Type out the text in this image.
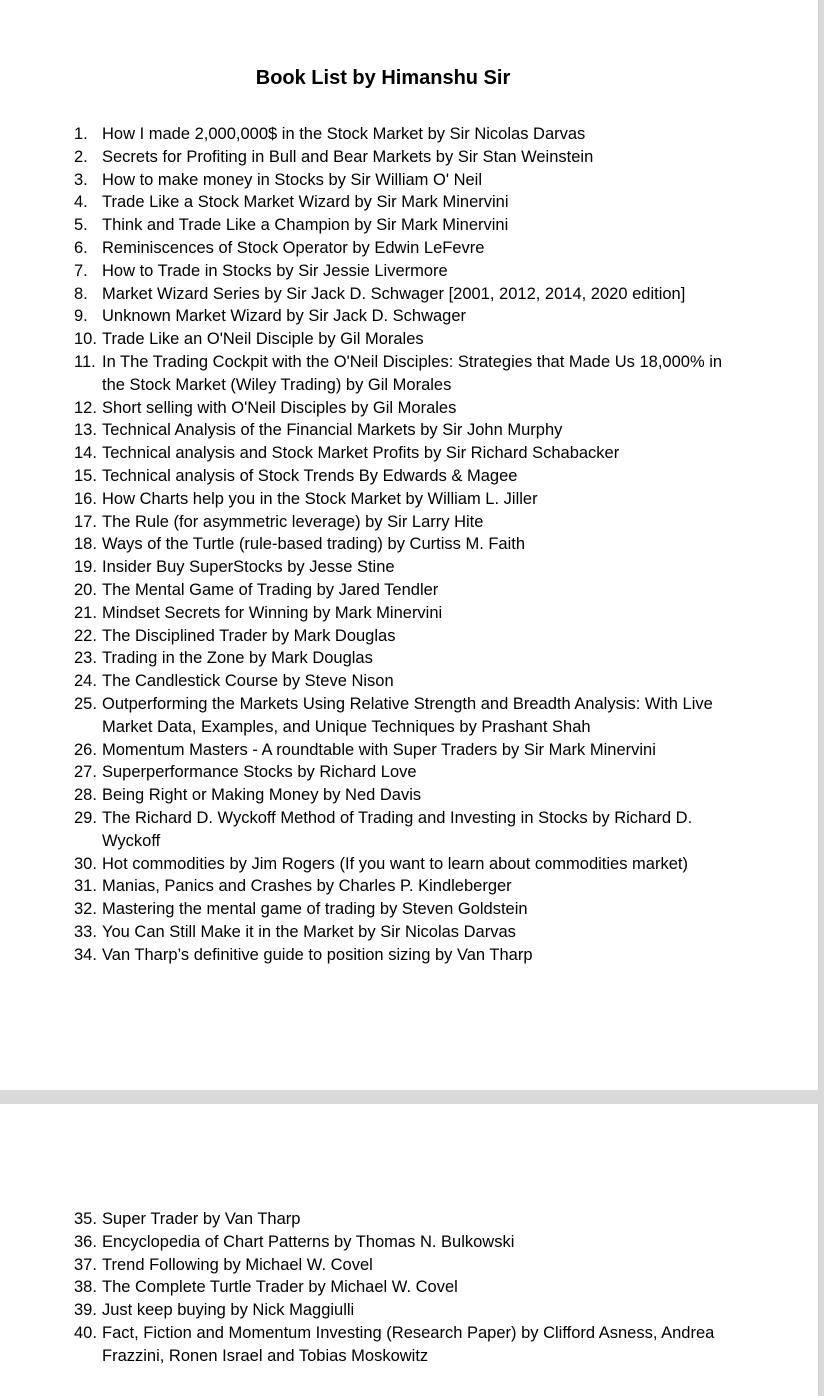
Book List by Himanshu Sir
1. How I made 2,000,000$ in the Stock Market by Sir Nicolas Darvas
2. Secrets for Profiting in Bull and Bear Markets by Sir Stan Weinstein
3. How to make money in Stocks by Sir William O' Neil
4. Trade Like a Stock Market Wizard by Sir Mark Minervini
5. Think and Trade Like a Champion by Sir Mark Minervini
6. Reminiscences of Stock Operator by Edwin LeFevre
7. How to Trade in Stocks by Sir Jessie Livermore
8. Market Wizard Series by Sir Jack D. Schwager [2001, 2012, 2014, 2020 edition]
9. Unknown Market Wizard by Sir Jack D. Schwager
10. Trade Like an O'Neil Disciple by Gil Morales
11. In The Trading Cockpit with the O'Neil Disciples: Strategies that Made Us 18,000% in the Stock Market (Wiley Trading) by Gil Morales
12. Short selling with O'Neil Disciples by Gil Morales
13. Technical Analysis of the Financial Markets by Sir John Murphy
14. Technical analysis and Stock Market Profits by Sir Richard Schabacker
15. Technical analysis of Stock Trends By Edwards & Magee
16. How Charts help you in the Stock Market by William L. Jiller
17. The Rule (for asymmetric leverage) by Sir Larry Hite
18. Ways of the Turtle (rule-based trading) by Curtiss M. Faith
19. Insider Buy SuperStocks by Jesse Stine
20. The Mental Game of Trading by Jared Tendler
21. Mindset Secrets for Winning by Mark Minervini
22. The Disciplined Trader by Mark Douglas
23. Trading in the Zone by Mark Douglas
24. The Candlestick Course by Steve Nison
25. Outperforming the Markets Using Relative Strength and Breadth Analysis: With Live Market Data, Examples, and Unique Techniques by Prashant Shah
26. Momentum Masters - A roundtable with Super Traders by Sir Mark Minervini
27. Superperformance Stocks by Richard Love
28. Being Right or Making Money by Ned Davis
29. The Richard D. Wyckoff Method of Trading and Investing in Stocks by Richard D. Wyckoff
30. Hot commodities by Jim Rogers (If you want to learn about commodities market)
31. Manias, Panics and Crashes by Charles P. Kindleberger
32. Mastering the mental game of trading by Steven Goldstein
33. You Can Still Make it in the Market by Sir Nicolas Darvas
34. Van Tharp’s definitive guide to position sizing by Van Tharp
35. Super Trader by Van Tharp
36. Encyclopedia of Chart Patterns by Thomas N. Bulkowski
37. Trend Following by Michael W. Covel
38. The Complete Turtle Trader by Michael W. Covel
39. Just keep buying by Nick Maggiulli
40. Fact, Fiction and Momentum Investing (Research Paper) by Clifford Asness, Andrea Frazzini, Ronen Israel and Tobias Moskowitz
